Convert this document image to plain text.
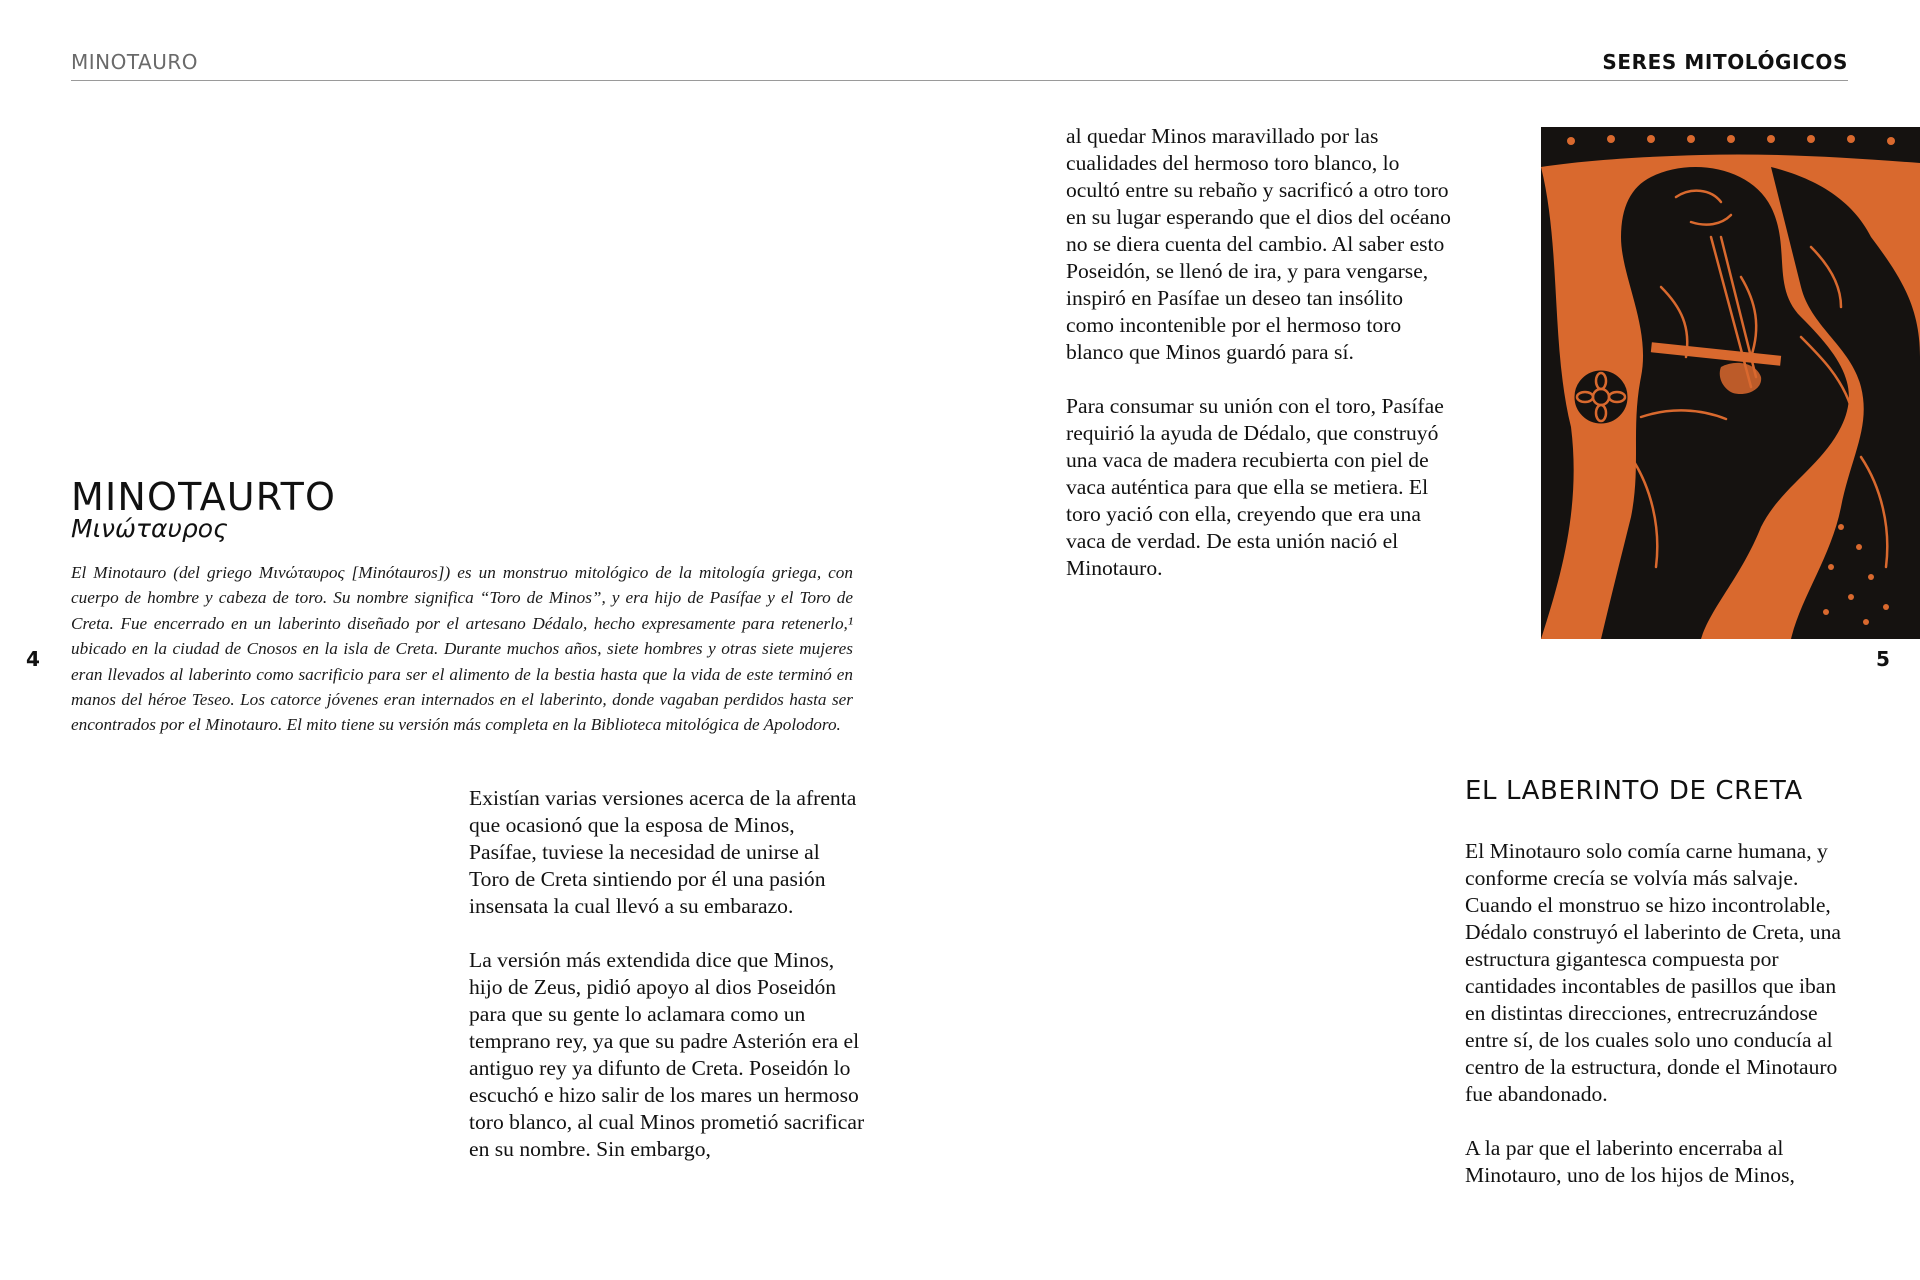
MINOTAURO	SERES MITOLÓGICOS
4	5
MINOTAURTO
Μινώταυρος

El Minotauro (del griego Μινώταυρος [Minótauros]) es un monstruo mitológico de la mitología griega, con cuerpo de hombre y cabeza de toro. Su nombre significa “Toro de Minos”, y era hijo de Pasífae y el Toro de Creta. Fue encerrado en un laberinto diseñado por el artesano Dédalo, hecho expresamente para retenerlo,¹ ubicado en la ciudad de Cnosos en la isla de Creta. Durante muchos años, siete hombres y otras siete mujeres eran llevados al laberinto como sacrificio para ser el alimento de la bestia hasta que la vida de este terminó en manos del héroe Teseo. Los catorce jóvenes eran internados en el laberinto, donde vagaban perdidos hasta ser encontrados por el Minotauro. El mito tiene su versión más completa en la Biblioteca mitológica de Apolodoro.

Existían varias versiones acerca de la afrenta que ocasionó que la esposa de Minos, Pasífae, tuviese la necesidad de unirse al Toro de Creta sintiendo por él una pasión insensata la cual llevó a su embarazo.

La versión más extendida dice que Minos, hijo de Zeus, pidió apoyo al dios Poseidón para que su gente lo aclamara como un temprano rey, ya que su padre Asterión era el antiguo rey ya difunto de Creta. Poseidón lo escuchó e hizo salir de los mares un hermoso toro blanco, al cual Minos prometió sacrificar en su nombre. Sin embargo,

al quedar Minos maravillado por las cualidades del hermoso toro blanco, lo ocultó entre su rebaño y sacrificó a otro toro en su lugar esperando que el dios del océano no se diera cuenta del cambio. Al saber esto Poseidón, se llenó de ira, y para vengarse, inspiró en Pasífae un deseo tan insólito como incontenible por el hermoso toro blanco que Minos guardó para sí.

Para consumar su unión con el toro, Pasífae requirió la ayuda de Dédalo, que construyó una vaca de madera recubierta con piel de vaca auténtica para que ella se metiera. El toro yació con ella, creyendo que era una vaca de verdad. De esta unión nació el Minotauro.

EL LABERINTO DE CRETA

El Minotauro solo comía carne humana, y conforme crecía se volvía más salvaje. Cuando el monstruo se hizo incontrolable, Dédalo construyó el laberinto de Creta, una estructura gigantesca compuesta por cantidades incontables de pasillos que iban en distintas direcciones, entrecruzándose entre sí, de los cuales solo uno conducía al centro de la estructura, donde el Minotauro fue abandonado.

A la par que el laberinto encerraba al Minotauro, uno de los hijos de Minos,
